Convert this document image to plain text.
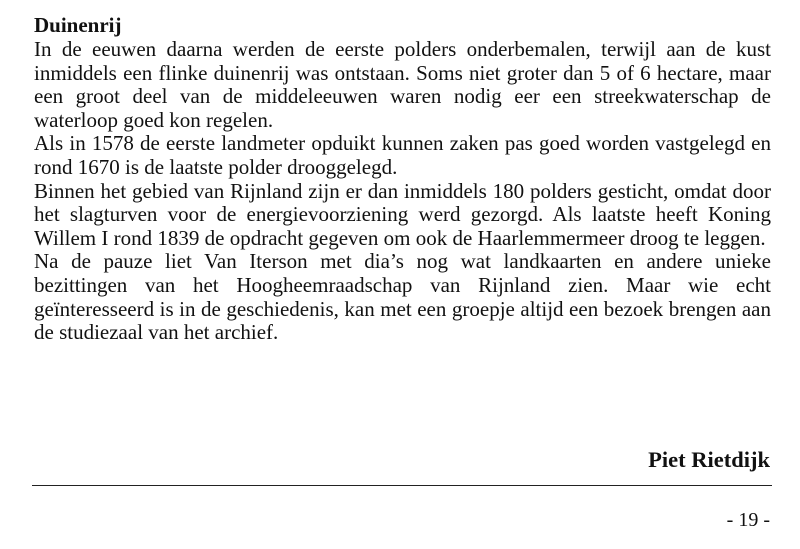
Duinenrij

In de eeuwen daarna werden de eerste polders onderbemalen, terwijl aan de kust inmiddels een flinke duinenrij was ontstaan. Soms niet groter dan 5 of 6 hectare, maar een groot deel van de middeleeuwen waren nodig eer een streekwaterschap de waterloop goed kon regelen.

Als in 1578 de eerste landmeter opduikt kunnen zaken pas goed worden vastgelegd en rond 1670 is de laatste polder drooggelegd.

Binnen het gebied van Rijnland zijn er dan inmiddels 180 polders gesticht, omdat door het slagturven voor de energievoorziening werd gezorgd. Als laatste heeft Koning Willem I rond 1839 de opdracht gegeven om ook de Haarlemmermeer droog te leggen.

Na de pauze liet Van Iterson met dia’s nog wat landkaarten en andere unieke bezittingen van het Hoogheemraadschap van Rijnland zien. Maar wie echt geïnteresseerd is in de geschiedenis, kan met een groepje altijd een bezoek brengen aan de studiezaal van het archief.

Piet Rietdijk
- 19 -
